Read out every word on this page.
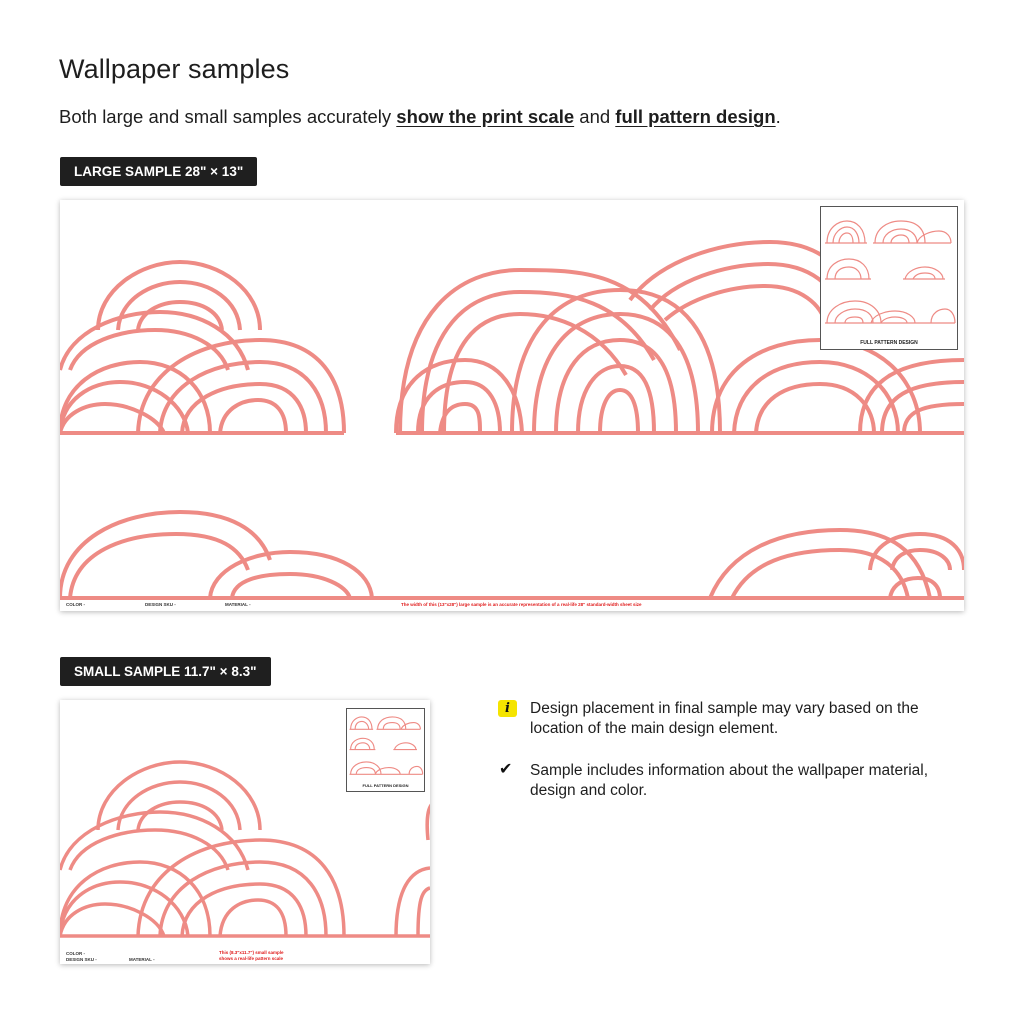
Wallpaper samples
Both large and small samples accurately show the print scale and full pattern design.
LARGE SAMPLE 28" × 13"
FULL PATTERN DESIGN
COLOR -	DESIGN SKU -	MATERIAL -	The width of this (13"x28") large sample is an accurate representation of a real-life 28" standard-width sheet size
SMALL SAMPLE 11.7" × 8.3"
FULL PATTERN DESIGN
COLOR -
DESIGN SKU -	MATERIAL -
This (8.3"x11.7") small sample
shows a real-life pattern scale
i	Design placement in final sample may vary based on the location of the main design element.
✔ Sample includes information about the wallpaper material, design and color.
